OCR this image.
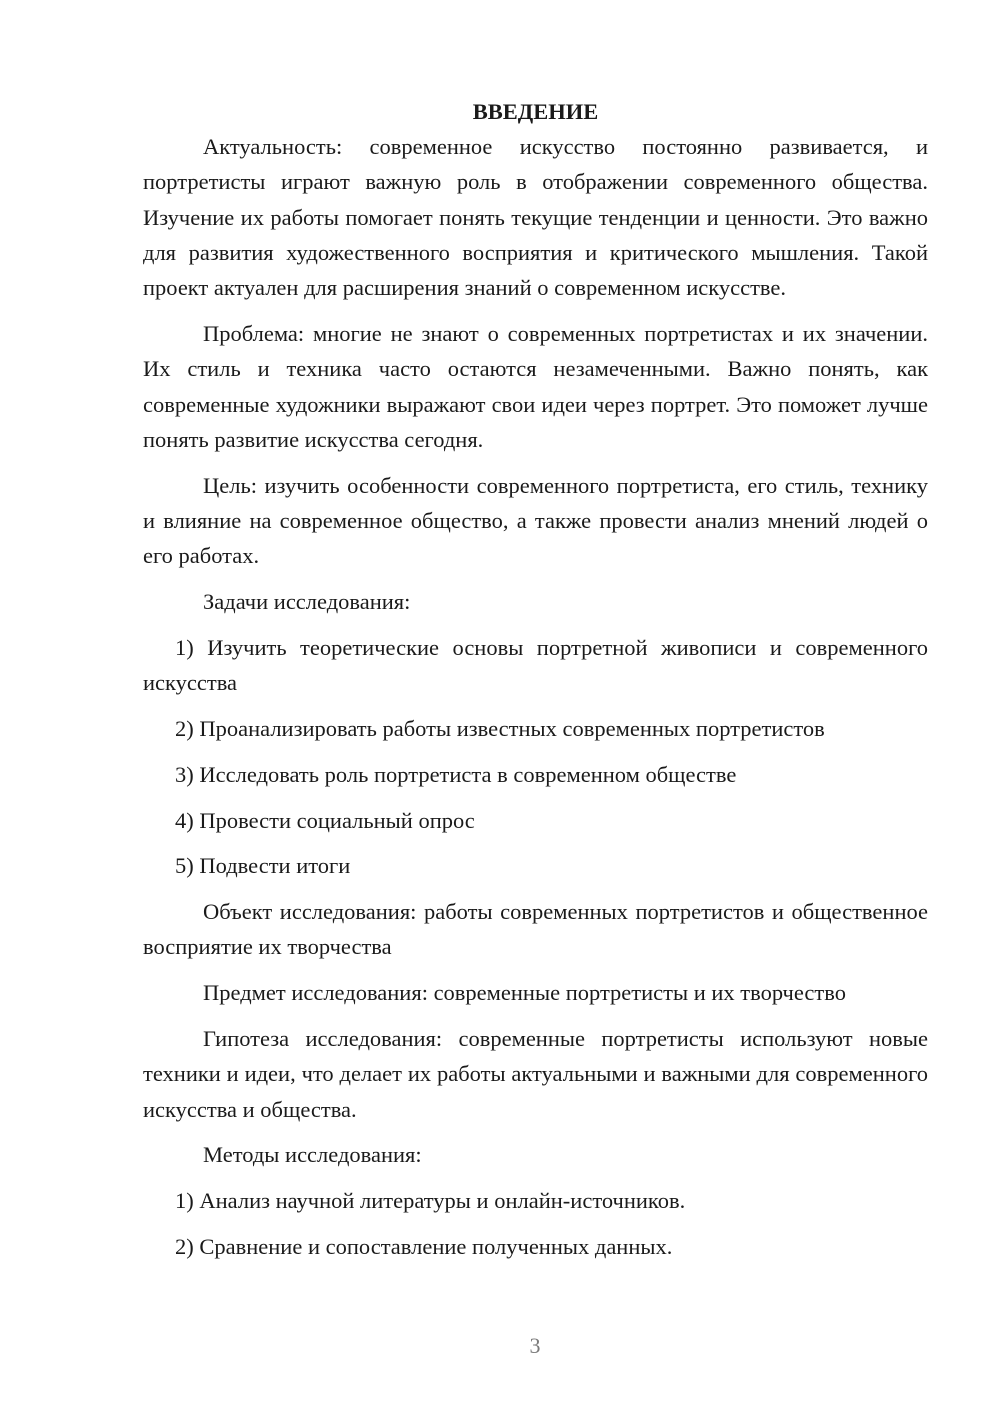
ВВЕДЕНИЕ

Актуальность: современное искусство постоянно развивается, и портретисты играют важную роль в отображении современного общества. Изучение их работы помогает понять текущие тенденции и ценности. Это важно для развития художественного восприятия и критического мышления. Такой проект актуален для расширения знаний о современном искусстве.

Проблема: многие не знают о современных портретистах и их значении. Их стиль и техника часто остаются незамеченными. Важно понять, как современные художники выражают свои идеи через портрет. Это поможет лучше понять развитие искусства сегодня.

Цель: изучить особенности современного портретиста, его стиль, технику и влияние на современное общество, а также провести анализ мнений людей о его работах.

Задачи исследования:

1) Изучить теоретические основы портретной живописи и современного искусства

2) Проанализировать работы известных современных портретистов

3) Исследовать роль портретиста в современном обществе

4) Провести социальный опрос

5) Подвести итоги

Объект исследования: работы современных портретистов и общественное восприятие их творчества

Предмет исследования: современные портретисты и их творчество

Гипотеза исследования: современные портретисты используют новые техники и идеи, что делает их работы актуальными и важными для современного искусства и общества.

Методы исследования:

1) Анализ научной литературы и онлайн-источников.

2) Сравнение и сопоставление полученных данных.

3
